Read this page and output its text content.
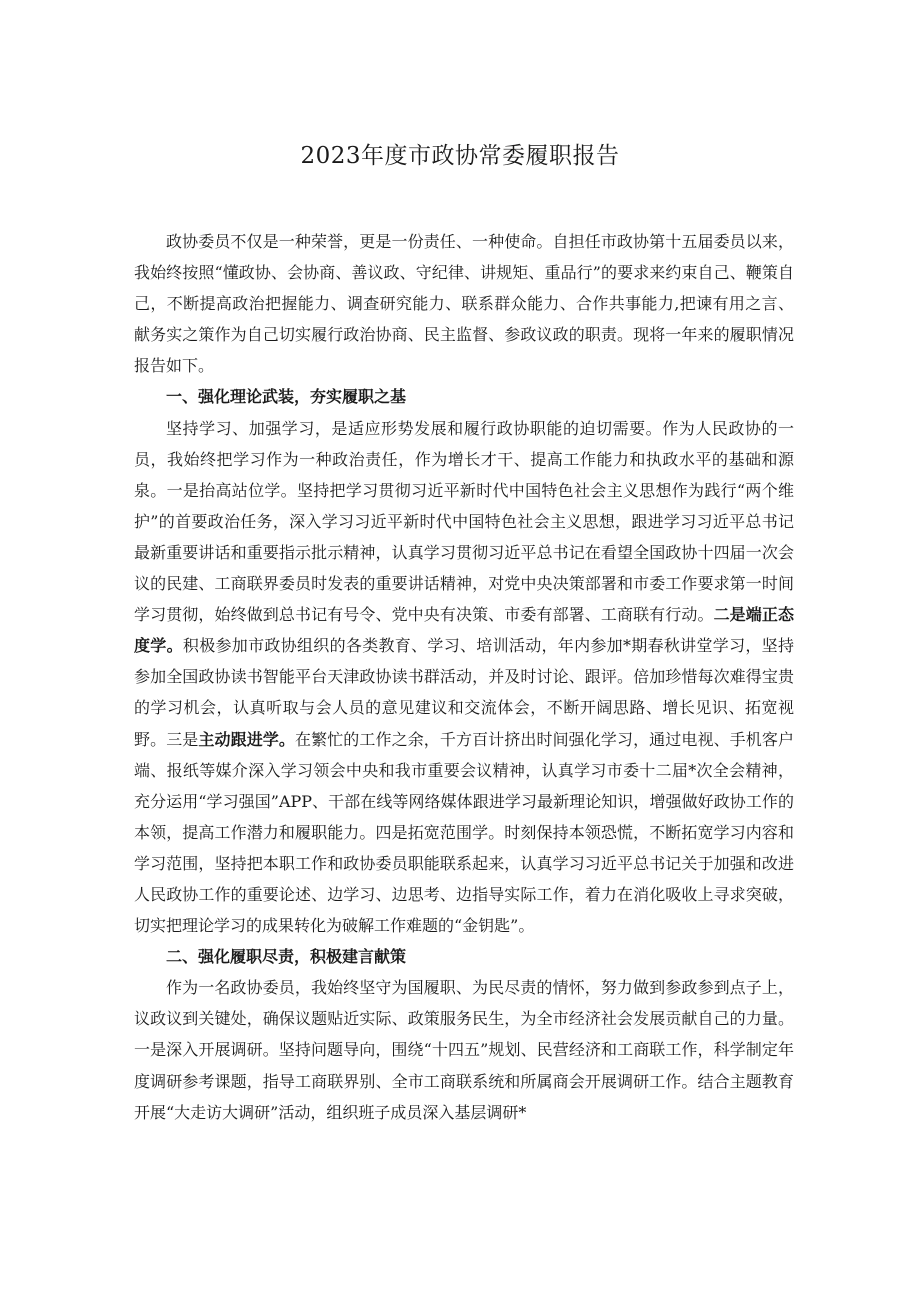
2023年度市政协常委履职报告

政协委员不仅是一种荣誉，更是一份责任、一种使命。自担任市政协第十五届委员以来，我始终按照“懂政协、会协商、善议政、守纪律、讲规矩、重品行”的要求来约束自己、鞭策自己，不断提高政治把握能力、调查研究能力、联系群众能力、合作共事能力,把谏有用之言、献务实之策作为自己切实履行政治协商、民主监督、参政议政的职责。现将一年来的履职情况报告如下。

一、强化理论武装，夯实履职之基

坚持学习、加强学习，是适应形势发展和履行政协职能的迫切需要。作为人民政协的一员，我始终把学习作为一种政治责任，作为增长才干、提高工作能力和执政水平的基础和源泉。一是抬高站位学。坚持把学习贯彻习近平新时代中国特色社会主义思想作为践行“两个维护”的首要政治任务，深入学习习近平新时代中国特色社会主义思想，跟进学习习近平总书记最新重要讲话和重要指示批示精神，认真学习贯彻习近平总书记在看望全国政协十四届一次会议的民建、工商联界委员时发表的重要讲话精神，对党中央决策部署和市委工作要求第一时间学习贯彻，始终做到总书记有号令、党中央有决策、市委有部署、工商联有行动。二是端正态度学。积极参加市政协组织的各类教育、学习、培训活动，年内参加*期春秋讲堂学习，坚持参加全国政协读书智能平台天津政协读书群活动，并及时讨论、跟评。倍加珍惜每次难得宝贵的学习机会，认真听取与会人员的意见建议和交流体会，不断开阔思路、增长见识、拓宽视野。三是主动跟进学。在繁忙的工作之余，千方百计挤出时间强化学习，通过电视、手机客户端、报纸等媒介深入学习领会中央和我市重要会议精神，认真学习市委十二届*次全会精神，充分运用“学习强国”APP、干部在线等网络媒体跟进学习最新理论知识，增强做好政协工作的本领，提高工作潜力和履职能力。四是拓宽范围学。时刻保持本领恐慌，不断拓宽学习内容和学习范围，坚持把本职工作和政协委员职能联系起来，认真学习习近平总书记关于加强和改进人民政协工作的重要论述、边学习、边思考、边指导实际工作，着力在消化吸收上寻求突破，切实把理论学习的成果转化为破解工作难题的“金钥匙”。

二、强化履职尽责，积极建言献策

作为一名政协委员，我始终坚守为国履职、为民尽责的情怀，努力做到参政参到点子上，议政议到关键处，确保议题贴近实际、政策服务民生，为全市经济社会发展贡献自己的力量。一是深入开展调研。坚持问题导向，围绕“十四五”规划、民营经济和工商联工作，科学制定年度调研参考课题，指导工商联界别、全市工商联系统和所属商会开展调研工作。结合主题教育开展“大走访大调研”活动，组织班子成员深入基层调研*
